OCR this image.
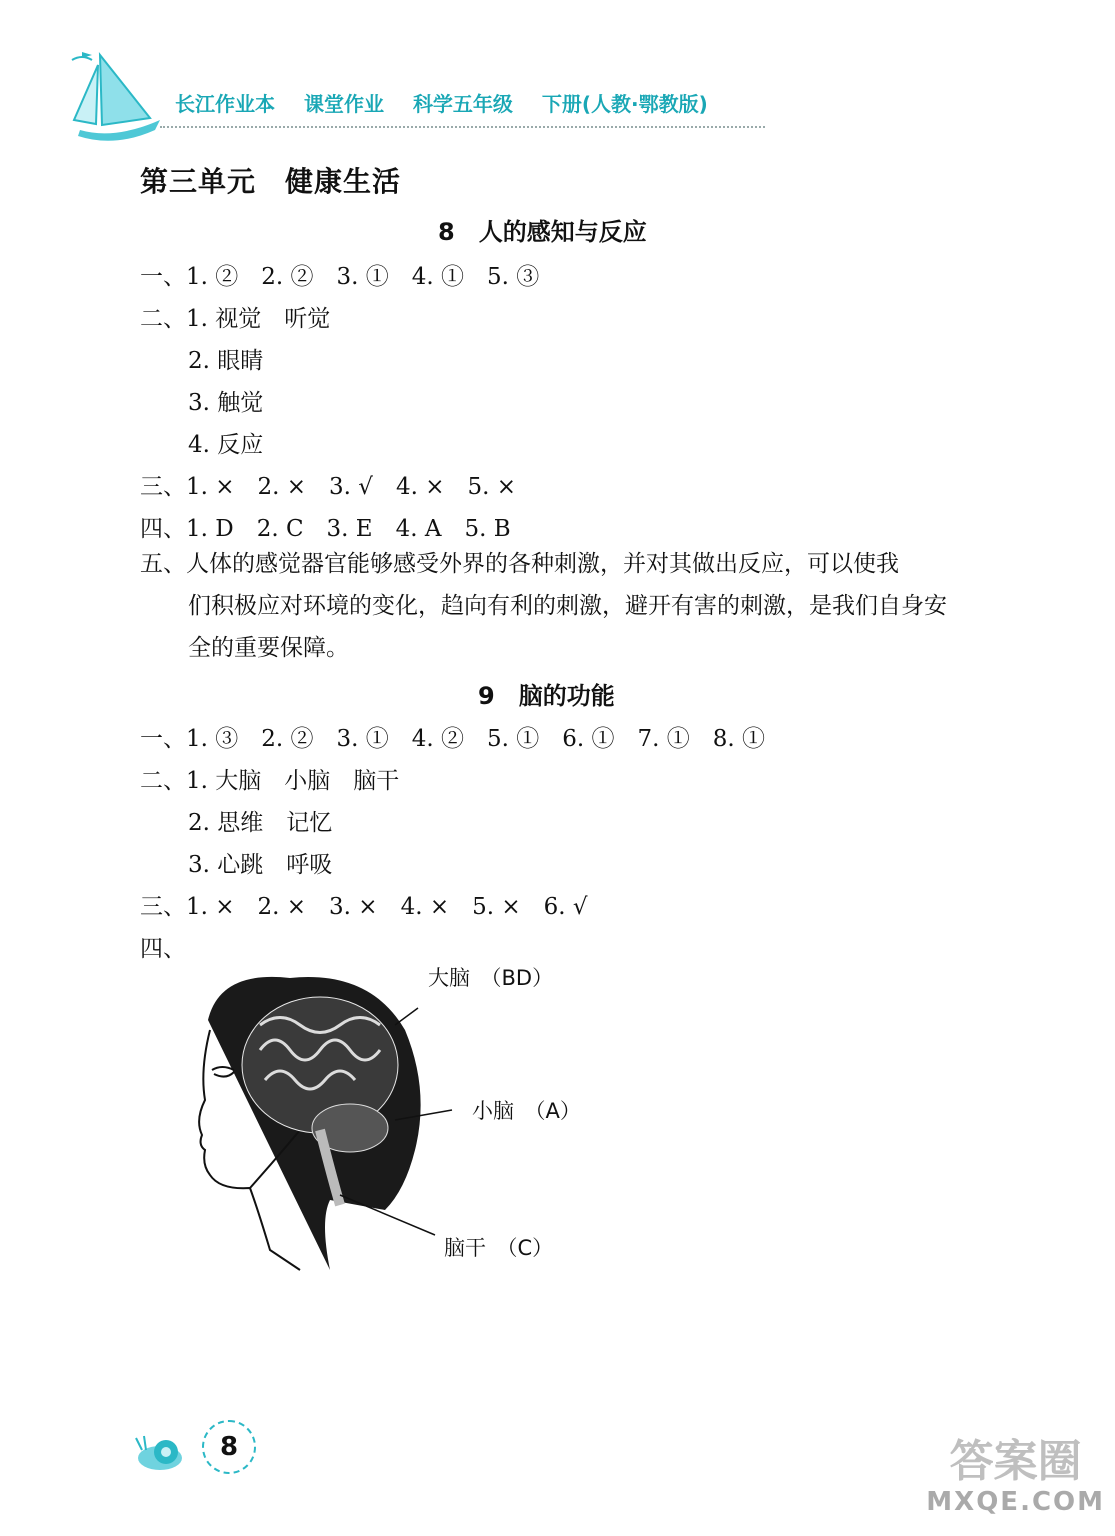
长江作业本 课堂作业 科学五年级 下册(人教·鄂教版)
第三单元　健康生活
8　人的感知与反应
一、1. ②　2. ②　3. ①　4. ①　5. ③
二、1. 视觉　听觉
2. 眼睛
3. 触觉
4. 反应
三、1. ×　2. ×　3. √　4. ×　5. ×
四、1. D　2. C　3. E　4. A　5. B
五、人体的感觉器官能够感受外界的各种刺激，并对其做出反应，可以使我
们积极应对环境的变化，趋向有利的刺激，避开有害的刺激，是我们自身安全的重要保障。
9　脑的功能
一、1. ③　2. ②　3. ①　4. ②　5. ①　6. ①　7. ①　8. ①
二、1. 大脑　小脑　脑干
2. 思维　记忆
3. 心跳　呼吸
三、1. ×　2. ×　3. ×　4. ×　5. ×　6. √
四、
大脑　（BD）
小脑　（A）
脑干　（C）
8	答案圈
MXQE.COM
